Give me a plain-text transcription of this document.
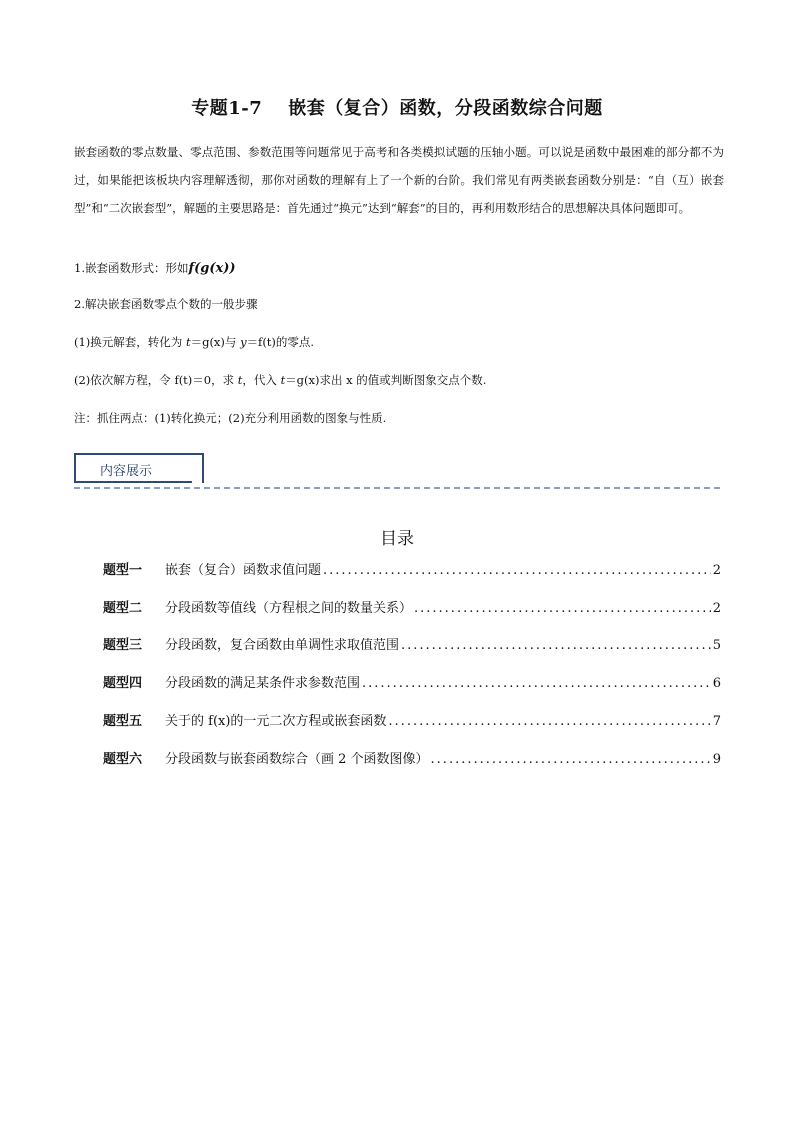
专题1-7 嵌套（复合）函数，分段函数综合问题
嵌套函数的零点数量、零点范围、参数范围等问题常见于高考和各类模拟试题的压轴小题。可以说是函数中最困难的部分都不为过，如果能把该板块内容理解透彻，那你对函数的理解有上了一个新的台阶。我们常见有两类嵌套函数分别是：“自（互）嵌套型”和“二次嵌套型”，解题的主要思路是：首先通过“换元”达到“解套”的目的，再利用数形结合的思想解决具体问题即可。
1.嵌套函数形式：形如f(g(x))
2.解决嵌套函数零点个数的一般步骤
(1)换元解套，转化为 t＝g(x)与 y＝f(t)的零点.
(2)依次解方程，令 f(t)＝0，求 t，代入 t＝g(x)求出 x 的值或判断图象交点个数.
注：抓住两点：(1)转化换元；(2)充分利用函数的图象与性质.
内容展示
目录
题型一	嵌套（复合）函数求值问题 .....	2
题型二	分段函数等值线（方程根之间的数量关系） .....	2
题型三	分段函数，复合函数由单调性求取值范围 .....	5
题型四	分段函数的满足某条件求参数范围 .....	6
题型五	关于的 f(x)的一元二次方程或嵌套函数 .....	7
题型六	分段函数与嵌套函数综合（画 2 个函数图像） .....	9
